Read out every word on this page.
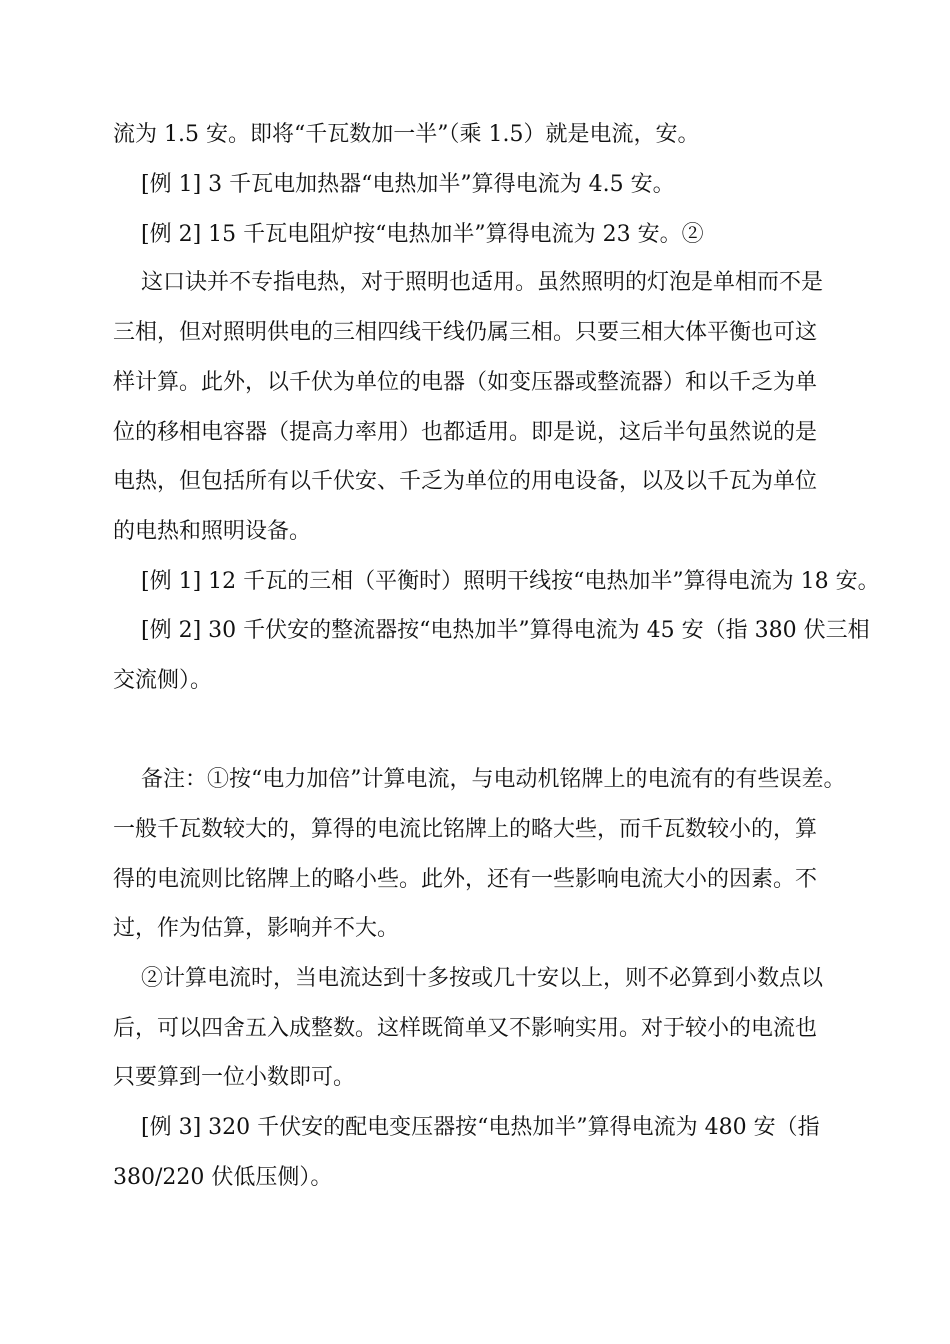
流为 1.5 安。即将“千瓦数加一半”（乘 1.5）就是电流，安。
[例 1] 3 千瓦电加热器“电热加半”算得电流为 4.5 安。
[例 2] 15 千瓦电阻炉按“电热加半”算得电流为 23 安。②
这口诀并不专指电热，对于照明也适用。虽然照明的灯泡是单相而不是
三相，但对照明供电的三相四线干线仍属三相。只要三相大体平衡也可这
样计算。此外，以千伏为单位的电器（如变压器或整流器）和以千乏为单
位的移相电容器（提高力率用）也都适用。即是说，这后半句虽然说的是
电热，但包括所有以千伏安、千乏为单位的用电设备，以及以千瓦为单位
的电热和照明设备。
[例 1] 12 千瓦的三相（平衡时）照明干线按“电热加半”算得电流为 18 安。
[例 2] 30 千伏安的整流器按“电热加半”算得电流为 45 安（指 380 伏三相
交流侧）。
备注：①按“电力加倍”计算电流，与电动机铭牌上的电流有的有些误差。
一般千瓦数较大的，算得的电流比铭牌上的略大些，而千瓦数较小的，算
得的电流则比铭牌上的略小些。此外，还有一些影响电流大小的因素。不
过，作为估算，影响并不大。
②计算电流时，当电流达到十多按或几十安以上，则不必算到小数点以
后，可以四舍五入成整数。这样既简单又不影响实用。对于较小的电流也
只要算到一位小数即可。
[例 3] 320 千伏安的配电变压器按“电热加半”算得电流为 480 安（指
380/220 伏低压侧）。
